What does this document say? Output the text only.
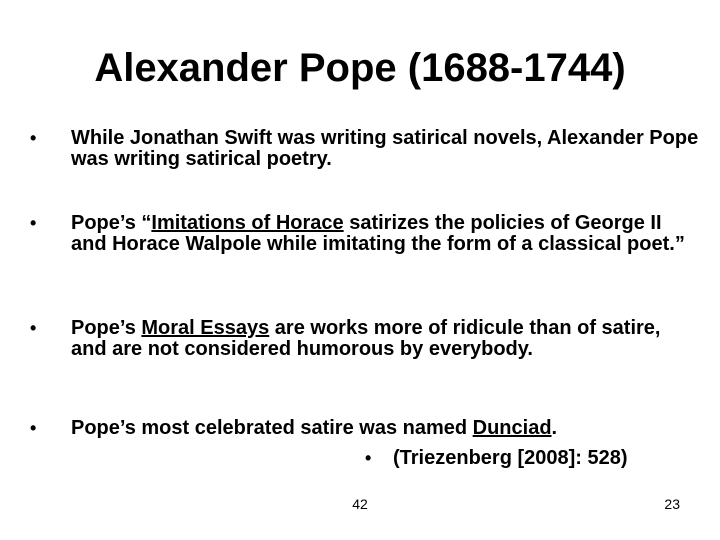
Alexander Pope (1688-1744)
•	While Jonathan Swift was writing satirical novels, Alexander Pope was writing satirical poetry.
•	Pope’s “Imitations of Horace satirizes the policies of George II and Horace Walpole while imitating the form of a classical poet.”
•	Pope’s Moral Essays are works more of ridicule than of satire, and are not considered humorous by everybody.
•	Pope’s most celebrated satire was named Dunciad.
• (Triezenberg [2008]: 528)
42	23
